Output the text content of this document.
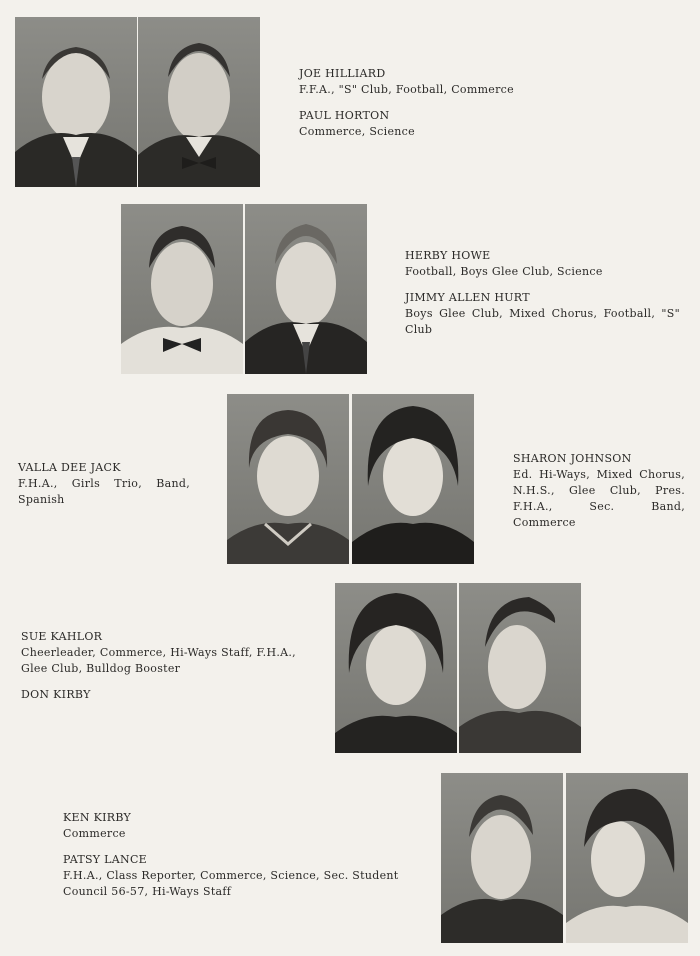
JOE HILLIARD
F.F.A., "S" Club, Football, Commerce
PAUL HORTON
Commerce, Science
HERBY HOWE
Football, Boys Glee Club, Science
JIMMY ALLEN HURT
Boys Glee Club, Mixed Chorus, Football, "S" Club
VALLA DEE JACK
F.H.A., Girls Trio, Band, Spanish
SHARON JOHNSON
Ed. Hi-Ways, Mixed Chorus, N.H.S., Glee Club, Pres. F.H.A., Sec. Band, Commerce
SUE KAHLOR
Cheerleader, Commerce, Hi-Ways Staff, F.H.A., Glee Club, Bulldog Booster
DON KIRBY
KEN KIRBY
Commerce
PATSY LANCE
F.H.A., Class Reporter, Commerce, Science, Sec. Student Council 56-57, Hi-Ways Staff
